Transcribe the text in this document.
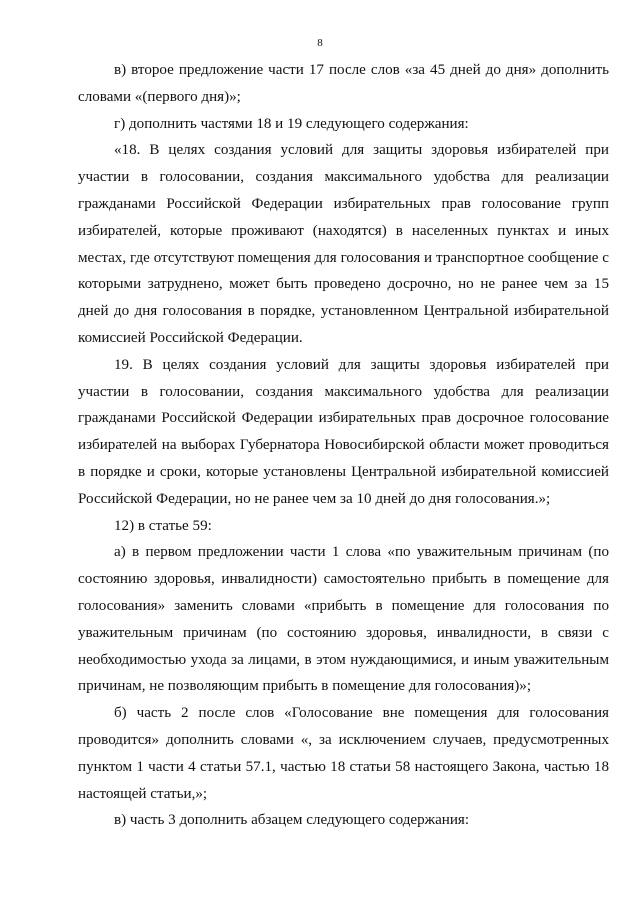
8
в) второе предложение части 17 после слов «за 45 дней до дня» дополнить
словами «(первого дня)»;
г) дополнить частями 18 и 19 следующего содержания:
«18. В целях создания условий для защиты здоровья избирателей при
участии в голосовании, создания максимального удобства для реализации
гражданами Российской Федерации избирательных прав голосование групп
избирателей, которые проживают (находятся) в населенных пунктах и иных
местах, где отсутствуют помещения для голосования и транспортное сообщение с
которыми затруднено, может быть проведено досрочно, но не ранее чем за 15
дней до дня голосования в порядке, установленном Центральной избирательной
комиссией Российской Федерации.
19. В целях создания условий для защиты здоровья избирателей при
участии в голосовании, создания максимального удобства для реализации
гражданами Российской Федерации избирательных прав досрочное голосование
избирателей на выборах Губернатора Новосибирской области может проводиться
в порядке и сроки, которые установлены Центральной избирательной комиссией
Российской Федерации, но не ранее чем за 10 дней до дня голосования.»;
12) в статье 59:
а) в первом предложении части 1 слова «по уважительным причинам (по
состоянию здоровья, инвалидности) самостоятельно прибыть в помещение для
голосования» заменить словами «прибыть в помещение для голосования по
уважительным причинам (по состоянию здоровья, инвалидности, в связи с
необходимостью ухода за лицами, в этом нуждающимися, и иным уважительным
причинам, не позволяющим прибыть в помещение для голосования)»;
б) часть 2 после слов «Голосование вне помещения для голосования
проводится» дополнить словами «, за исключением случаев, предусмотренных
пунктом 1 части 4 статьи 57.1, частью 18 статьи 58 настоящего Закона, частью 18
настоящей статьи,»;
в) часть 3 дополнить абзацем следующего содержания:
